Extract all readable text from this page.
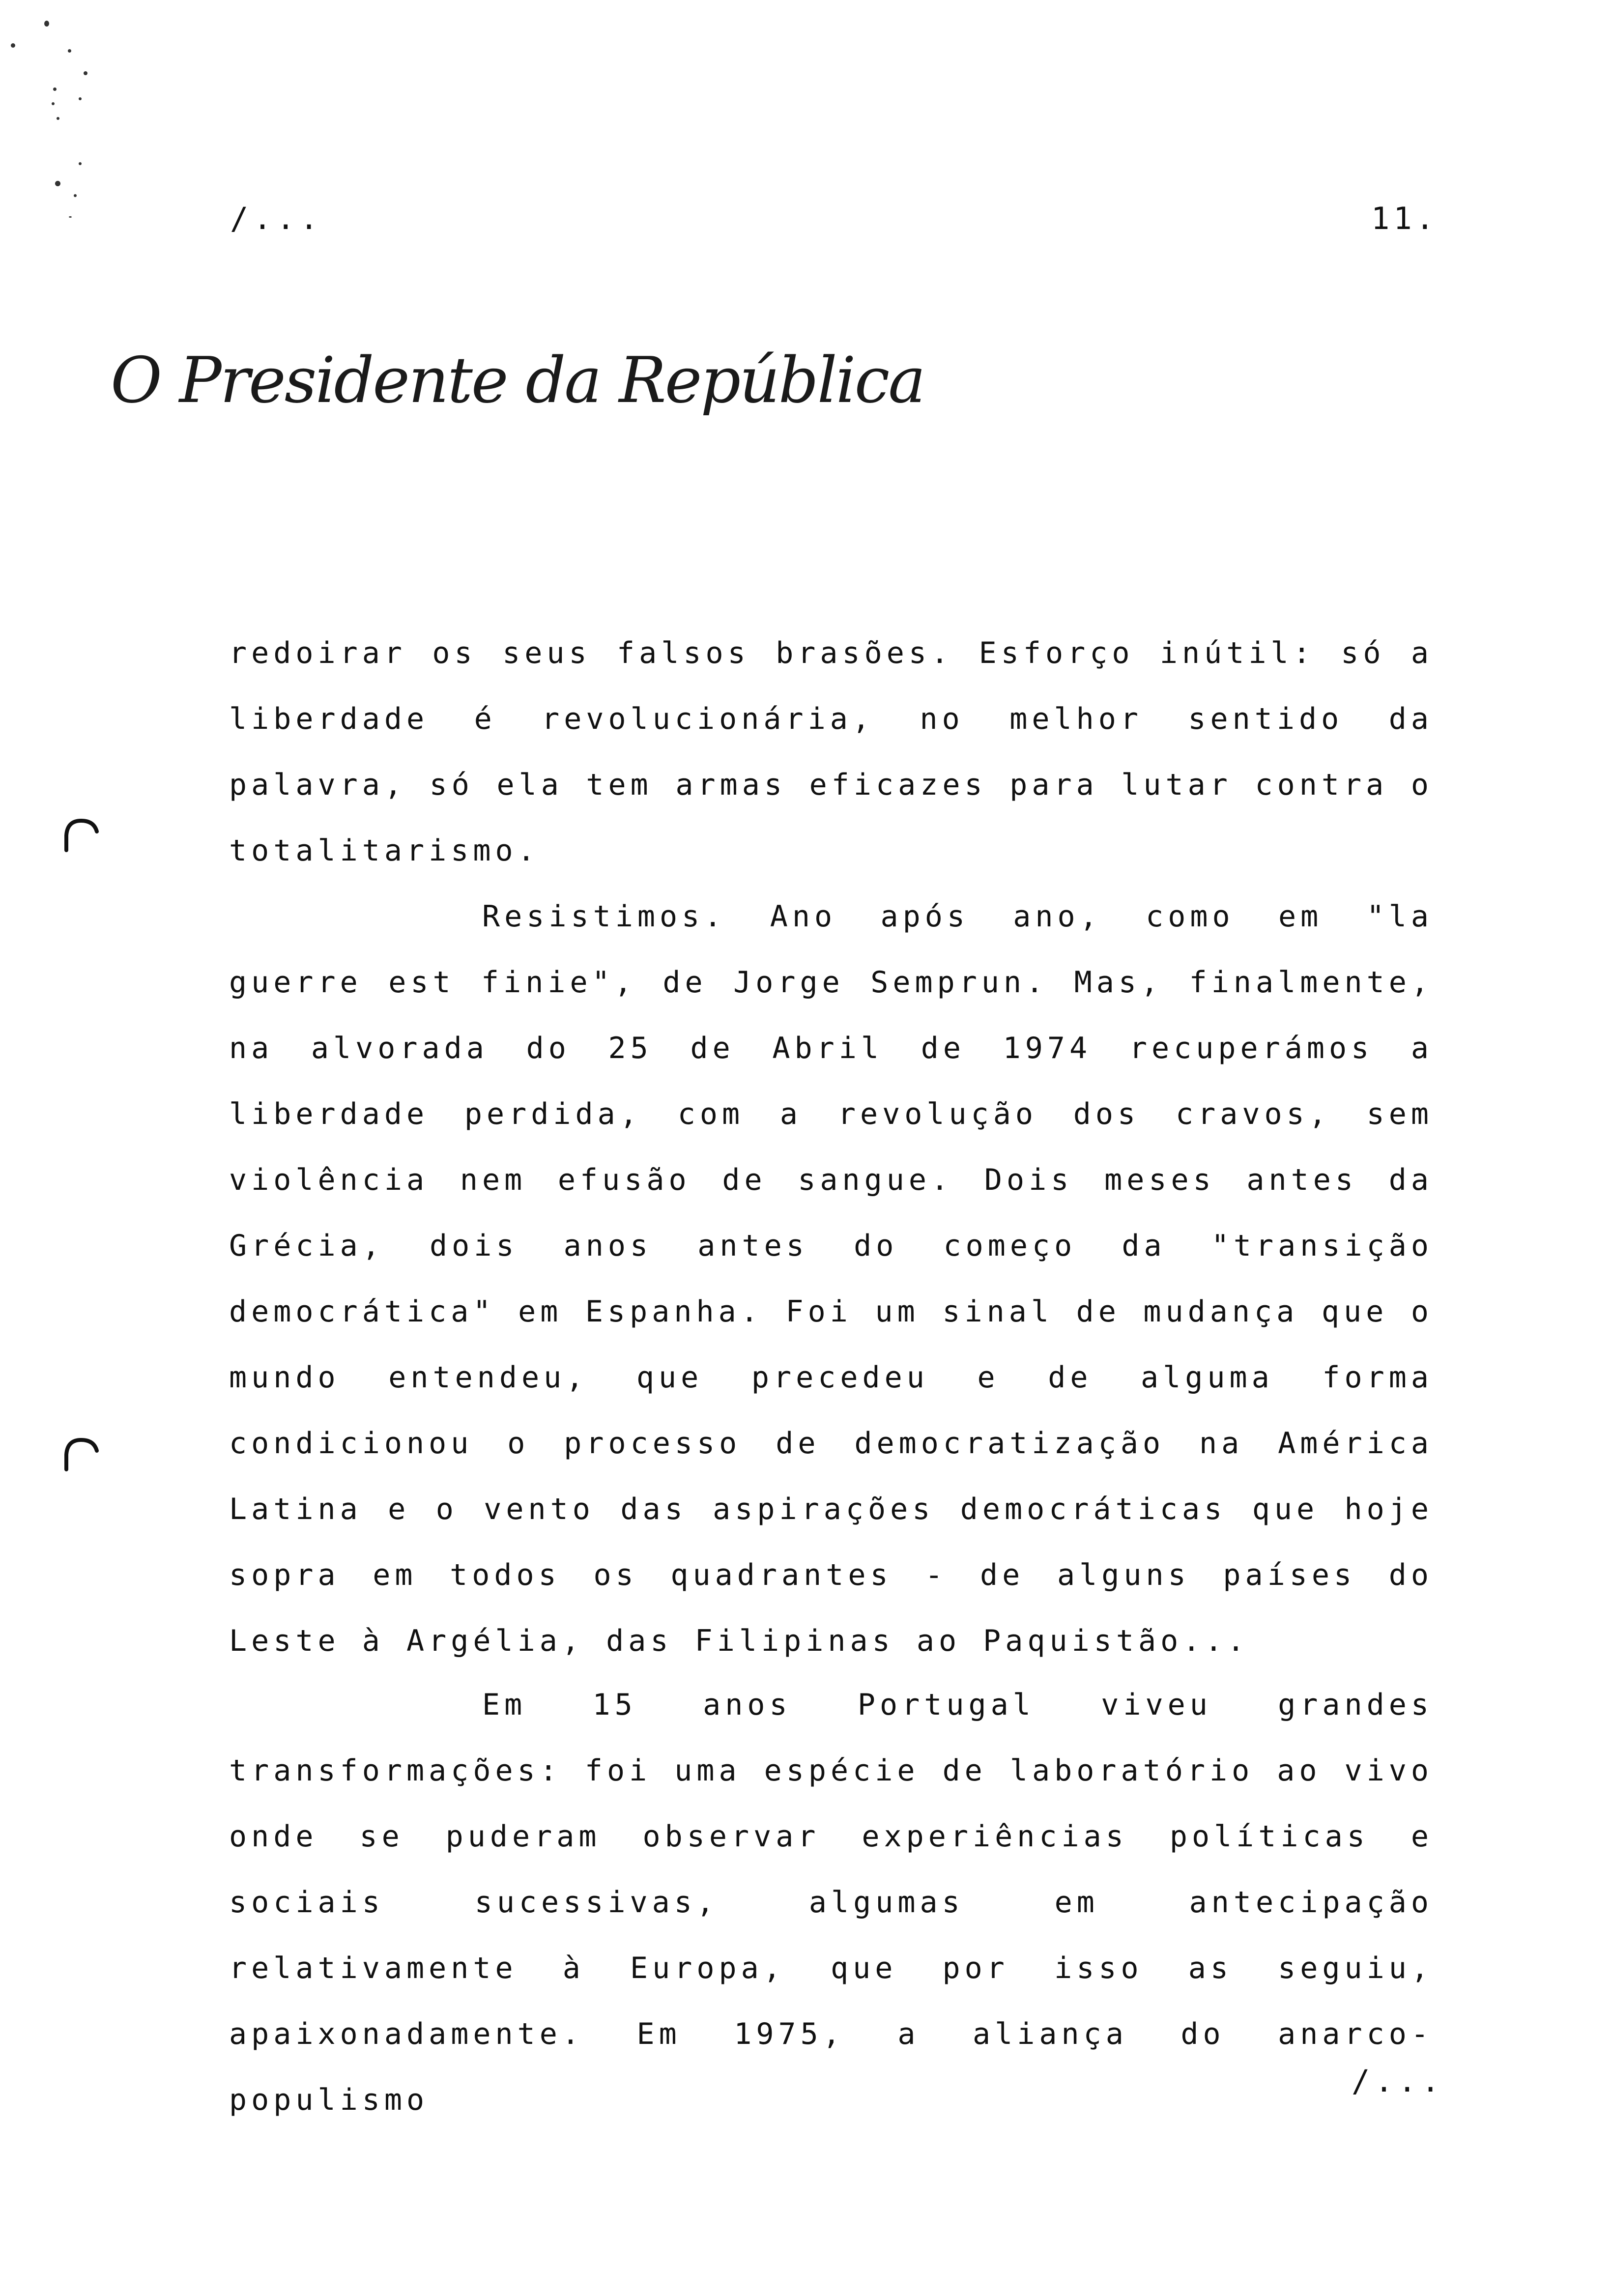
/...	11.
O Presidente da República

redoirar os seus falsos brasões. Esforço inútil: só a liberdade é revolucionária, no melhor sentido da palavra, só ela tem armas eficazes para lutar contra o totalitarismo.

Resistimos. Ano após ano, como em "la guerre est finie", de Jorge Semprun. Mas, finalmente, na alvorada do 25 de Abril de 1974 recuperámos a liberdade perdida, com a revolução dos cravos, sem violência nem efusão de sangue. Dois meses antes da Grécia, dois anos antes do começo da "transição democrática" em Espanha. Foi um sinal de mudança que o mundo entendeu, que precedeu e de alguma forma condicionou o processo de democratização na América Latina e o vento das aspirações democráticas que hoje sopra em todos os quadrantes - de alguns países do Leste à Argélia, das Filipinas ao Paquistão...

Em 15 anos Portugal viveu grandes transformações: foi uma espécie de laboratório ao vivo onde se puderam observar experiências políticas e sociais sucessivas, algumas em antecipação relativamente à Europa, que por isso as seguiu, apaixonadamente. Em 1975, a aliança do anarco-populismo

/...
